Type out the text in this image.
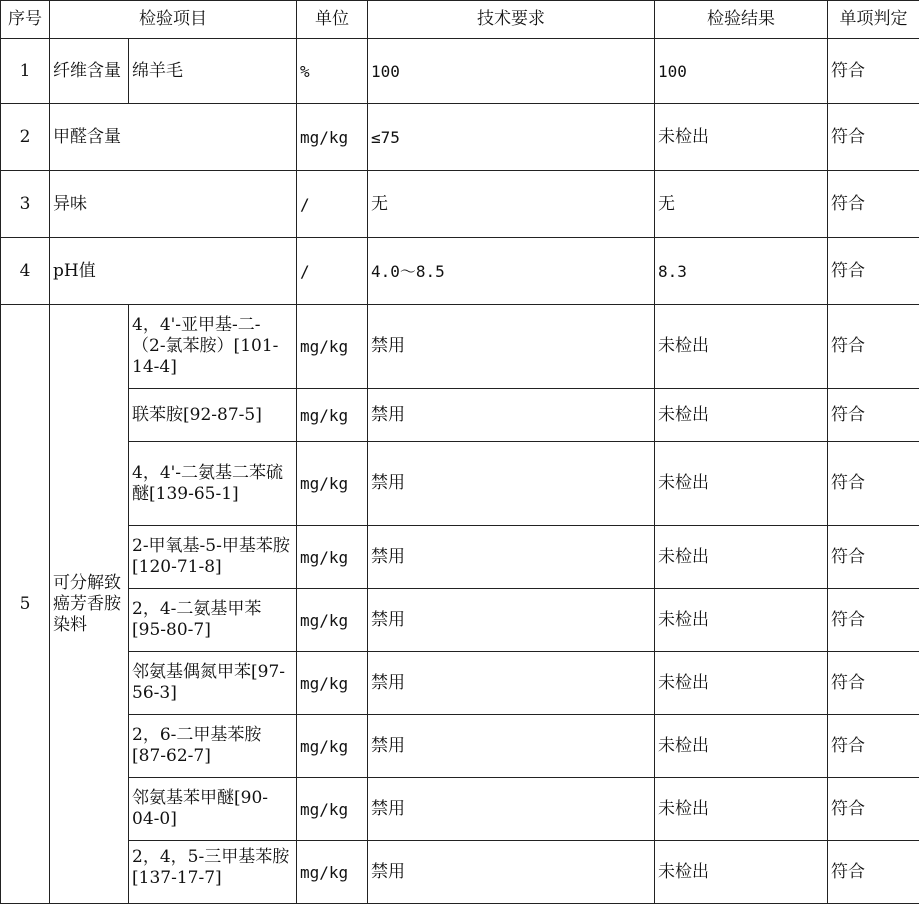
序号	检验项目		单位	技术要求	检验结果	单项判定
1	纤维含量	绵羊毛	%	100	100	符合
2	甲醛含量		mg/kg	≤75	未检出	符合
3	异味		/	无	无	符合
4	pH值		/	4.0～8.5	8.3	符合
5	可分解致癌芳香胺染料	4，4'-亚甲基-二-（2-氯苯胺）[101-14-4]	mg/kg	禁用	未检出	符合
		联苯胺[92-87-5]	mg/kg	禁用	未检出	符合
		4，4'-二氨基二苯硫醚[139-65-1]	mg/kg	禁用	未检出	符合
		2-甲氧基-5-甲基苯胺[120-71-8]	mg/kg	禁用	未检出	符合
		2，4-二氨基甲苯[95-80-7]	mg/kg	禁用	未检出	符合
		邻氨基偶氮甲苯[97-56-3]	mg/kg	禁用	未检出	符合
		2，6-二甲基苯胺[87-62-7]	mg/kg	禁用	未检出	符合
		邻氨基苯甲醚[90-04-0]	mg/kg	禁用	未检出	符合
		2，4，5-三甲基苯胺[137-17-7]	mg/kg	禁用	未检出	符合
